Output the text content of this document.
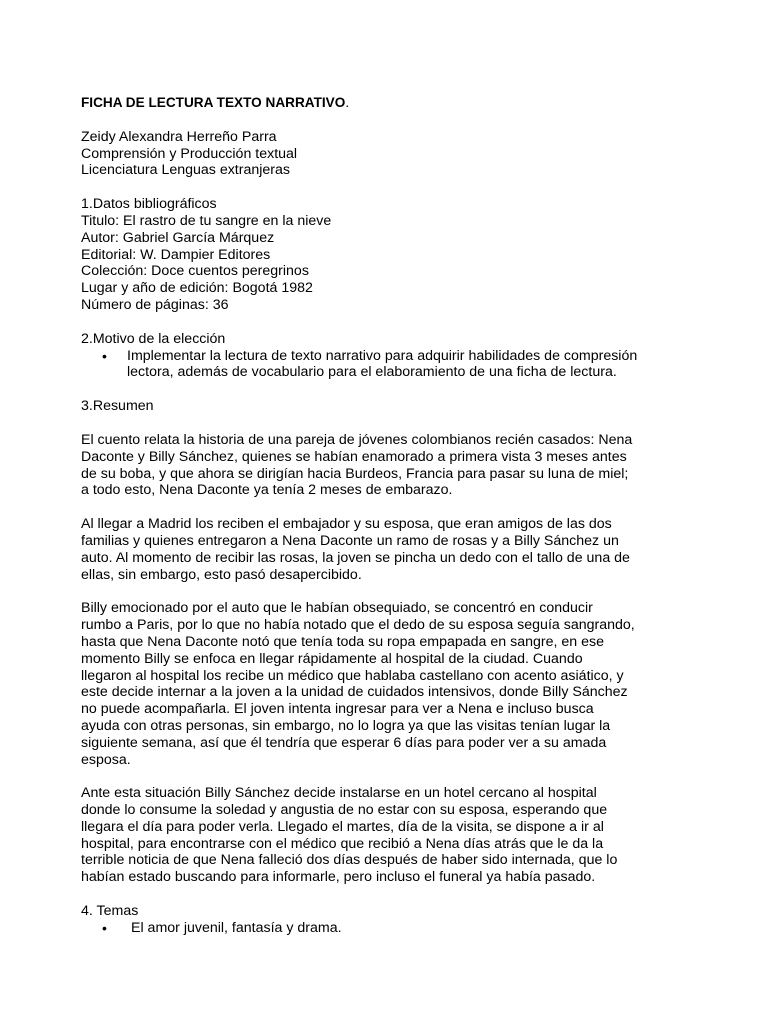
FICHA DE LECTURA TEXTO NARRATIVO.
Zeidy Alexandra Herreño Parra
Comprensión y Producción textual
Licenciatura Lenguas extranjeras
1.Datos bibliográficos
Titulo: El rastro de tu sangre en la nieve
Autor: Gabriel García Márquez
Editorial: W. Dampier Editores
Colección: Doce cuentos peregrinos
Lugar y año de edición: Bogotá 1982
Número de páginas: 36
2.Motivo de la elección
• Implementar la lectura de texto narrativo para adquirir habilidades de compresión
lectora, además de vocabulario para el elaboramiento de una ficha de lectura.
3.Resumen
El cuento relata la historia de una pareja de jóvenes colombianos recién casados: Nena
Daconte y Billy Sánchez, quienes se habían enamorado a primera vista 3 meses antes
de su boba, y que ahora se dirigían hacia Burdeos, Francia para pasar su luna de miel;
a todo esto, Nena Daconte ya tenía 2 meses de embarazo.
Al llegar a Madrid los reciben el embajador y su esposa, que eran amigos de las dos
familias y quienes entregaron a Nena Daconte un ramo de rosas y a Billy Sánchez un
auto. Al momento de recibir las rosas, la joven se pincha un dedo con el tallo de una de
ellas, sin embargo, esto pasó desapercibido.
Billy emocionado por el auto que le habían obsequiado, se concentró en conducir
rumbo a Paris, por lo que no había notado que el dedo de su esposa seguía sangrando,
hasta que Nena Daconte notó que tenía toda su ropa empapada en sangre, en ese
momento Billy se enfoca en llegar rápidamente al hospital de la ciudad. Cuando
llegaron al hospital los recibe un médico que hablaba castellano con acento asiático, y
este decide internar a la joven a la unidad de cuidados intensivos, donde Billy Sánchez
no puede acompañarla. El joven intenta ingresar para ver a Nena e incluso busca
ayuda con otras personas, sin embargo, no lo logra ya que las visitas tenían lugar la
siguiente semana, así que él tendría que esperar 6 días para poder ver a su amada
esposa.
Ante esta situación Billy Sánchez decide instalarse en un hotel cercano al hospital
donde lo consume la soledad y angustia de no estar con su esposa, esperando que
llegara el día para poder verla. Llegado el martes, día de la visita, se dispone a ir al
hospital, para encontrarse con el médico que recibió a Nena días atrás que le da la
terrible noticia de que Nena falleció dos días después de haber sido internada, que lo
habían estado buscando para informarle, pero incluso el funeral ya había pasado.
4. Temas
• El amor juvenil, fantasía y drama.
